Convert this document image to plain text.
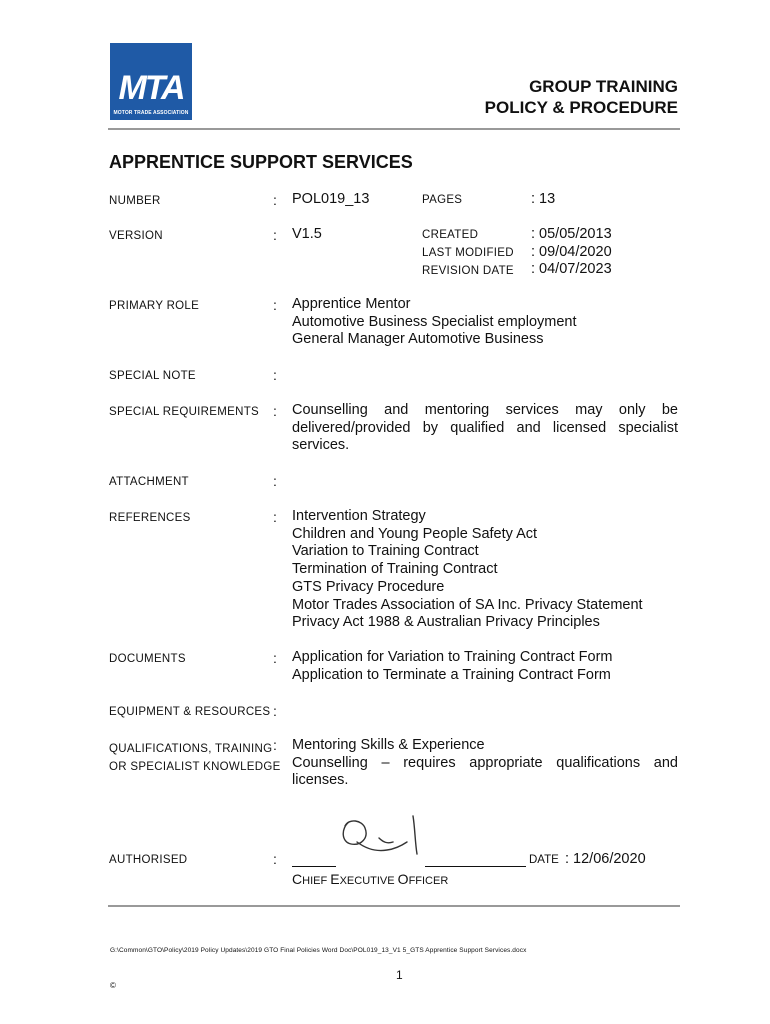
MTA
MOTOR TRADE ASSOCIATION
GROUP TRAINING
POLICY & PROCEDURE
APPRENTICE SUPPORT SERVICES
NUMBER	: POL019_13	PAGES	: 13
VERSION	: V1.5	CREATED	: 05/05/2013
LAST MODIFIED : 09/04/2020
REVISION DATE : 04/07/2023
PRIMARY ROLE	: Apprentice Mentor
Automotive Business Specialist employment
General Manager Automotive Business
SPECIAL NOTE	:
SPECIAL REQUIREMENTS : Counselling and mentoring services may only be delivered/provided by qualified and licensed specialist services.
ATTACHMENT	:
REFERENCES	: Intervention Strategy
Children and Young People Safety Act
Variation to Training Contract
Termination of Training Contract
GTS Privacy Procedure
Motor Trades Association of SA Inc. Privacy Statement
Privacy Act 1988 & Australian Privacy Principles
DOCUMENTS	: Application for Variation to Training Contract Form
Application to Terminate a Training Contract Form
EQUIPMENT & RESOURCES :
QUALIFICATIONS, TRAINING
OR SPECIALIST KNOWLEDGE
: Mentoring Skills & Experience
Counselling – requires appropriate qualifications and licenses.
AUTHORISED	:	DATE : 12/06/2020
CHIEF EXECUTIVE OFFICER
G:\Common\GTO\Policy\2019 Policy Updates\2019 GTO Final Policies Word Doc\POL019_13_V1 5_GTS Apprentice Support Services.docx
1
©
